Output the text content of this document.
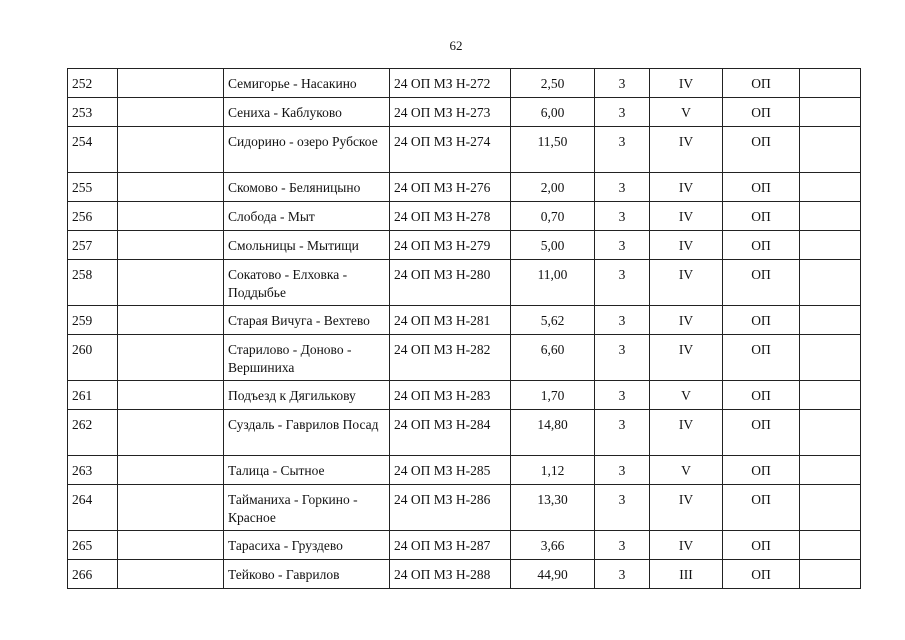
62
252		Семигорье - Насакино	24 ОП МЗ Н-272	2,50	3	IV	ОП	
253		Сениха - Каблуково	24 ОП МЗ Н-273	6,00	3	V	ОП	
254		Сидорино - озеро Рубское	24 ОП МЗ Н-274	11,50	3	IV	ОП	
255		Скомово - Беляницыно	24 ОП МЗ Н-276	2,00	3	IV	ОП	
256		Слобода - Мыт	24 ОП МЗ Н-278	0,70	3	IV	ОП	
257		Смольницы - Мытищи	24 ОП МЗ Н-279	5,00	3	IV	ОП	
258		Сокатово - Елховка - Поддыбье	24 ОП МЗ Н-280	11,00	3	IV	ОП	
259		Старая Вичуга - Вехтево	24 ОП МЗ Н-281	5,62	3	IV	ОП	
260		Старилово - Доново - Вершиниха	24 ОП МЗ Н-282	6,60	3	IV	ОП	
261		Подъезд к Дягилькову	24 ОП МЗ Н-283	1,70	3	V	ОП	
262		Суздаль - Гаврилов Посад	24 ОП МЗ Н-284	14,80	3	IV	ОП	
263		Талица - Сытное	24 ОП МЗ Н-285	1,12	3	V	ОП	
264		Тайманиха - Горкино - Красное	24 ОП МЗ Н-286	13,30	3	IV	ОП	
265		Тарасиха - Груздево	24 ОП МЗ Н-287	3,66	3	IV	ОП	
266		Тейково - Гаврилов	24 ОП МЗ Н-288	44,90	3	III	ОП	
